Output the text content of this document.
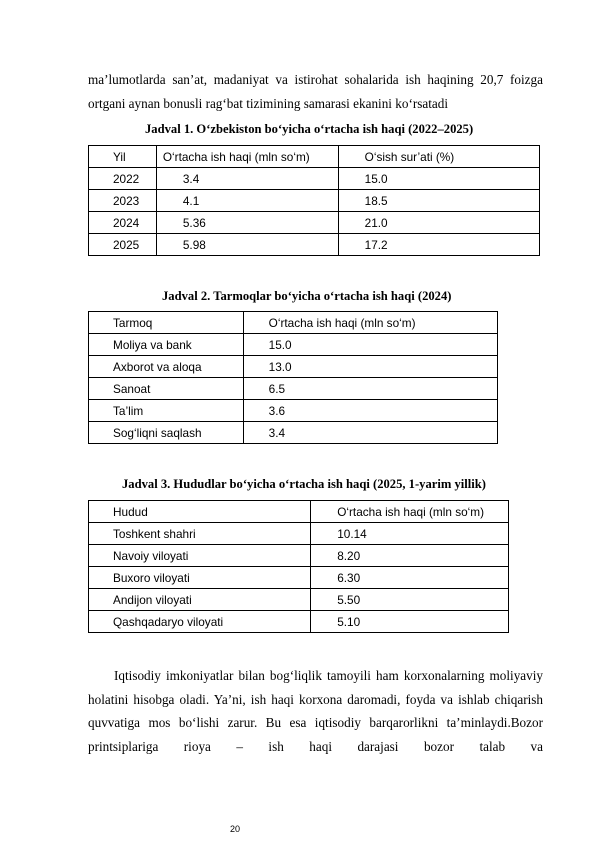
ma’lumotlarda san’at, madaniyat va istirohat sohalarida ish haqining 20,7 foizga ortgani aynan bonusli rag‘bat tizimining samarasi ekanini ko‘rsatadi

Jadval 1. O‘zbekiston bo‘yicha o‘rtacha ish haqi (2022–2025)
Yil	O‘rtacha ish haqi (mln so‘m)	O‘sish sur’ati (%)
2022	3.4	15.0
2023	4.1	18.5
2024	5.36	21.0
2025	5.98	17.2
Jadval 2. Tarmoqlar bo‘yicha o‘rtacha ish haqi (2024)
Tarmoq	O‘rtacha ish haqi (mln so‘m)
Moliya va bank	15.0
Axborot va aloqa	13.0
Sanoat	6.5
Ta’lim	3.6
Sog‘liqni saqlash	3.4
Jadval 3. Hududlar bo‘yicha o‘rtacha ish haqi (2025, 1-yarim yillik)
Hudud	O‘rtacha ish haqi (mln so‘m)
Toshkent shahri	10.14
Navoiy viloyati	8.20
Buxoro viloyati	6.30
Andijon viloyati	5.50
Qashqadaryo viloyati	5.10

Iqtisodiy imkoniyatlar bilan bog‘liqlik tamoyili ham korxonalarning moliyaviy holatini hisobga oladi. Ya’ni, ish haqi korxona daromadi, foyda va ishlab chiqarish quvvatiga mos bo‘lishi zarur. Bu esa iqtisodiy barqarorlikni ta’minlaydi.Bozor printsiplariga rioya – ish haqi darajasi bozor talab va

20
